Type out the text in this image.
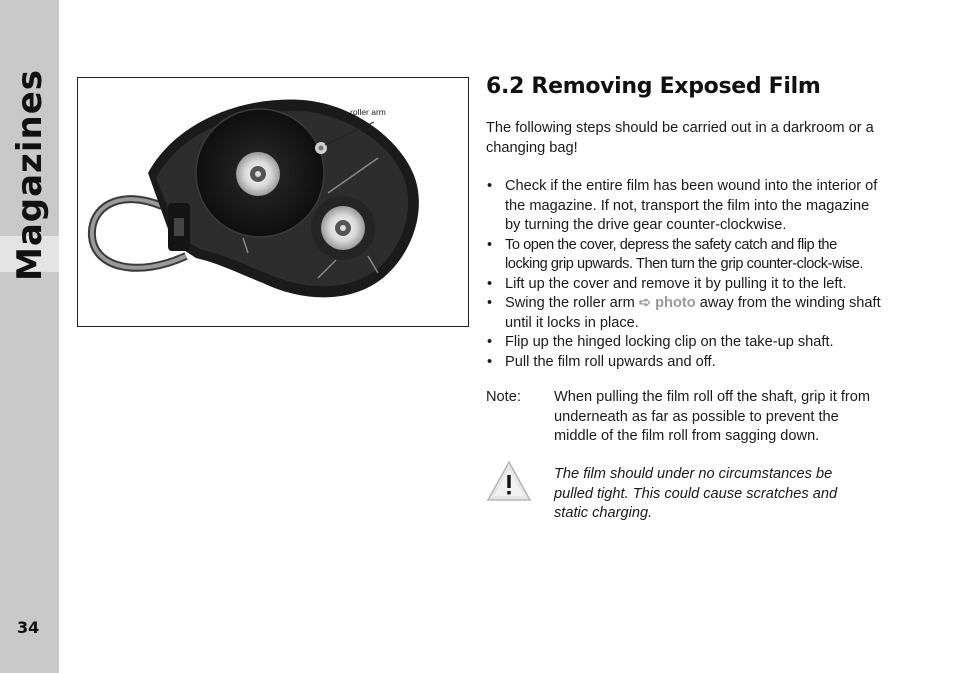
Magazines
34
roller arm
6.2 Removing Exposed Film
The following steps should be carried out in a darkroom or a changing bag!
• Check if the entire film has been wound into the interior of the magazine. If not, transport the film into the magazine by turning the drive gear counter-clockwise.
• To open the cover, depress the safety catch and flip the locking grip upwards. Then turn the grip counter-clock-wise.
• Lift up the cover and remove it by pulling it to the left.
• Swing the roller arm ➪ photo away from the winding shaft until it locks in place.
• Flip up the hinged locking clip on the take-up shaft.
• Pull the film roll upwards and off.
Note: When pulling the film roll off the shaft, grip it from underneath as far as possible to prevent the middle of the film roll from sagging down.
The film should under no circumstances be pulled tight. This could cause scratches and static charging.
